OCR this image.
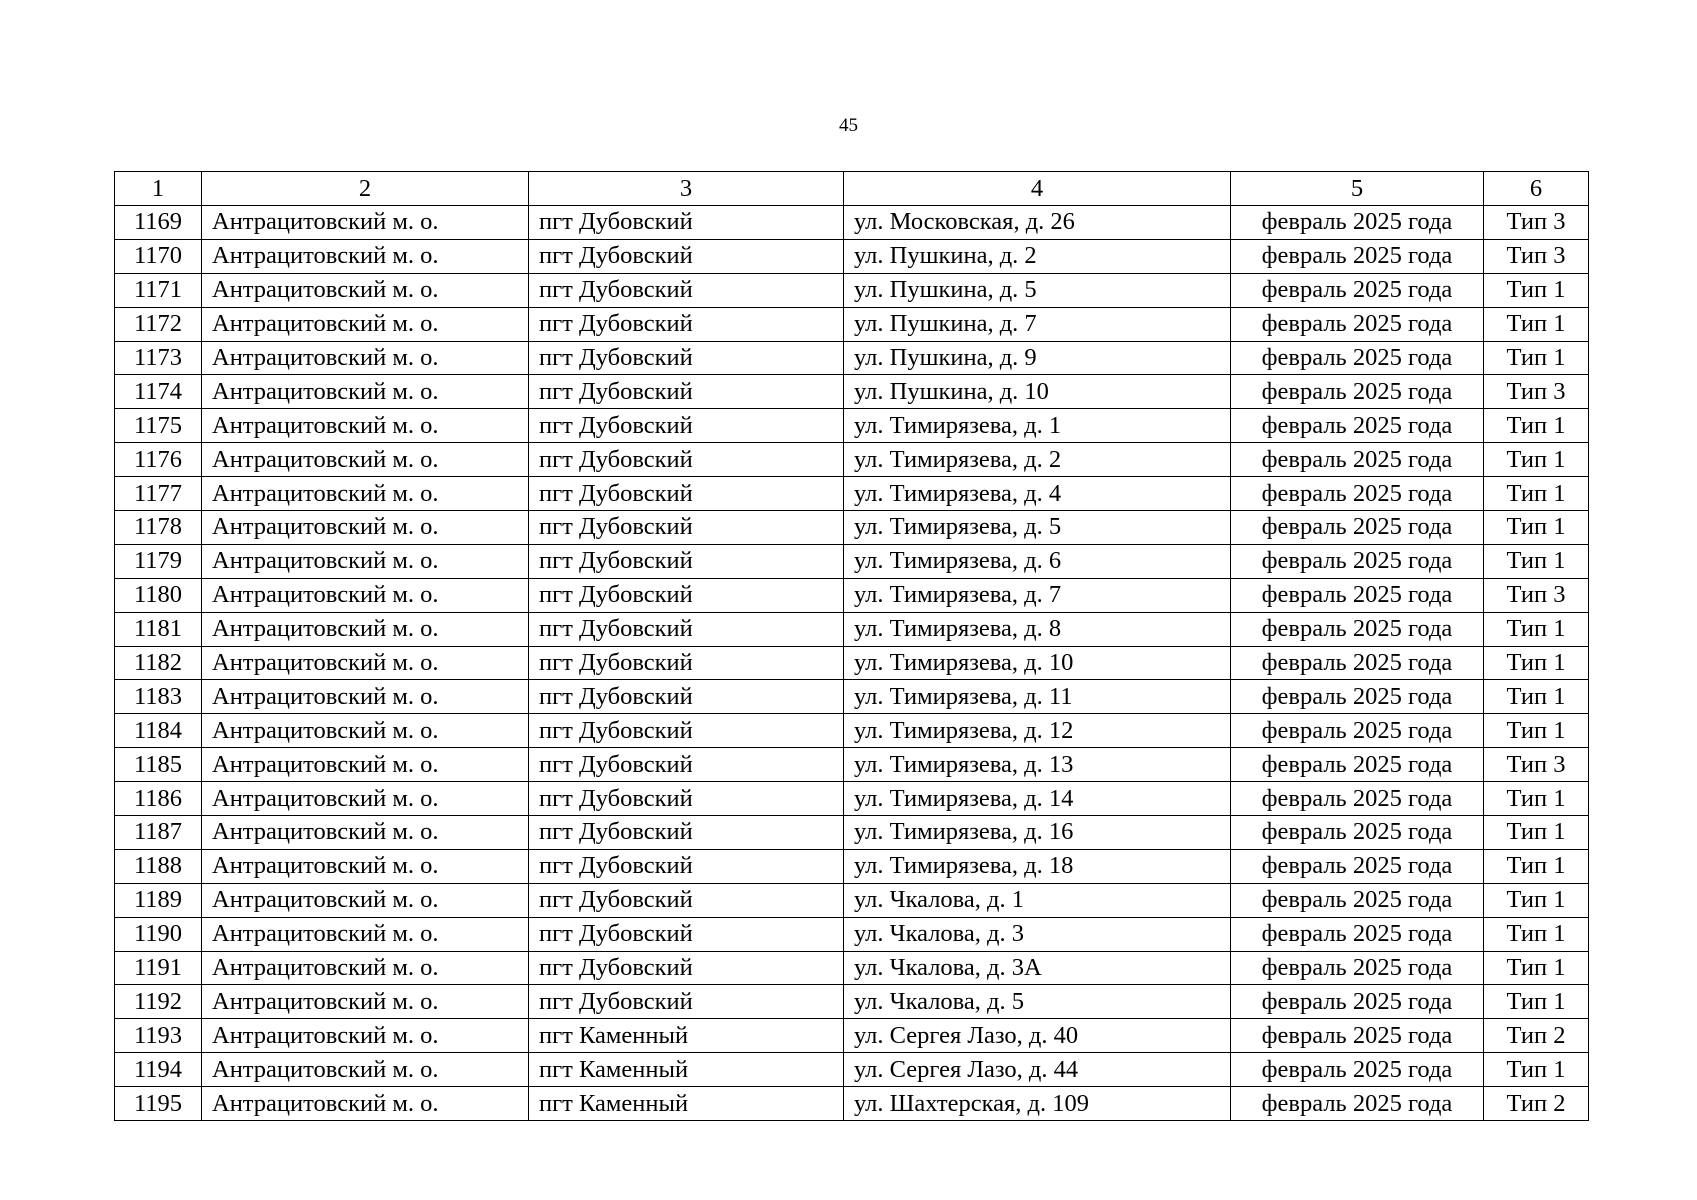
45
1	2	3	4	5	6
1169	Антрацитовский м. о.	пгт Дубовский	ул. Московская, д. 26	февраль 2025 года	Тип 3
1170	Антрацитовский м. о.	пгт Дубовский	ул. Пушкина, д. 2	февраль 2025 года	Тип 3
1171	Антрацитовский м. о.	пгт Дубовский	ул. Пушкина, д. 5	февраль 2025 года	Тип 1
1172	Антрацитовский м. о.	пгт Дубовский	ул. Пушкина, д. 7	февраль 2025 года	Тип 1
1173	Антрацитовский м. о.	пгт Дубовский	ул. Пушкина, д. 9	февраль 2025 года	Тип 1
1174	Антрацитовский м. о.	пгт Дубовский	ул. Пушкина, д. 10	февраль 2025 года	Тип 3
1175	Антрацитовский м. о.	пгт Дубовский	ул. Тимирязева, д. 1	февраль 2025 года	Тип 1
1176	Антрацитовский м. о.	пгт Дубовский	ул. Тимирязева, д. 2	февраль 2025 года	Тип 1
1177	Антрацитовский м. о.	пгт Дубовский	ул. Тимирязева, д. 4	февраль 2025 года	Тип 1
1178	Антрацитовский м. о.	пгт Дубовский	ул. Тимирязева, д. 5	февраль 2025 года	Тип 1
1179	Антрацитовский м. о.	пгт Дубовский	ул. Тимирязева, д. 6	февраль 2025 года	Тип 1
1180	Антрацитовский м. о.	пгт Дубовский	ул. Тимирязева, д. 7	февраль 2025 года	Тип 3
1181	Антрацитовский м. о.	пгт Дубовский	ул. Тимирязева, д. 8	февраль 2025 года	Тип 1
1182	Антрацитовский м. о.	пгт Дубовский	ул. Тимирязева, д. 10	февраль 2025 года	Тип 1
1183	Антрацитовский м. о.	пгт Дубовский	ул. Тимирязева, д. 11	февраль 2025 года	Тип 1
1184	Антрацитовский м. о.	пгт Дубовский	ул. Тимирязева, д. 12	февраль 2025 года	Тип 1
1185	Антрацитовский м. о.	пгт Дубовский	ул. Тимирязева, д. 13	февраль 2025 года	Тип 3
1186	Антрацитовский м. о.	пгт Дубовский	ул. Тимирязева, д. 14	февраль 2025 года	Тип 1
1187	Антрацитовский м. о.	пгт Дубовский	ул. Тимирязева, д. 16	февраль 2025 года	Тип 1
1188	Антрацитовский м. о.	пгт Дубовский	ул. Тимирязева, д. 18	февраль 2025 года	Тип 1
1189	Антрацитовский м. о.	пгт Дубовский	ул. Чкалова, д. 1	февраль 2025 года	Тип 1
1190	Антрацитовский м. о.	пгт Дубовский	ул. Чкалова, д. 3	февраль 2025 года	Тип 1
1191	Антрацитовский м. о.	пгт Дубовский	ул. Чкалова, д. 3А	февраль 2025 года	Тип 1
1192	Антрацитовский м. о.	пгт Дубовский	ул. Чкалова, д. 5	февраль 2025 года	Тип 1
1193	Антрацитовский м. о.	пгт Каменный	ул. Сергея Лазо, д. 40	февраль 2025 года	Тип 2
1194	Антрацитовский м. о.	пгт Каменный	ул. Сергея Лазо, д. 44	февраль 2025 года	Тип 1
1195	Антрацитовский м. о.	пгт Каменный	ул. Шахтерская, д. 109	февраль 2025 года	Тип 2
